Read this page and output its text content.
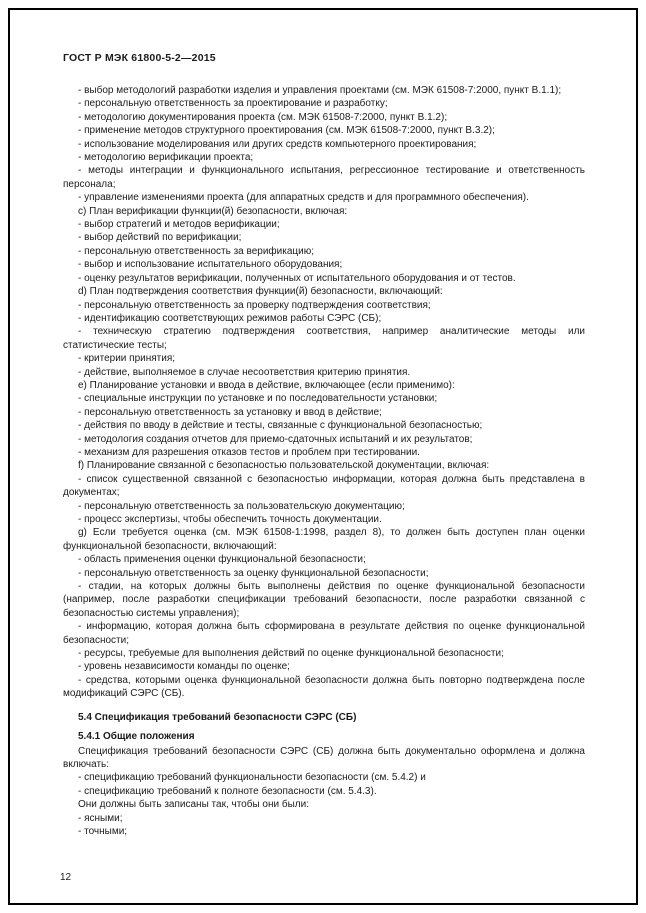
ГОСТ Р МЭК 61800-5-2—2015
- выбор методологий разработки изделия и управления проектами (см. МЭК 61508-7:2000, пункт В.1.1);
- персональную ответственность за проектирование и разработку;
- методологию документирования проекта (см. МЭК 61508-7:2000, пункт В.1.2);
- применение методов структурного проектирования (см. МЭК 61508-7:2000, пункт В.3.2);
- использование моделирования или других средств компьютерного проектирования;
- методологию верификации проекта;
- методы интеграции и функционального испытания, регрессионное тестирование и ответственность персонала;
- управление изменениями проекта (для аппаратных средств и для программного обеспечения).
c) План верификации функции(й) безопасности, включая:
- выбор стратегий и методов верификации;
- выбор действий по верификации;
- персональную ответственность за верификацию;
- выбор и использование испытательного оборудования;
- оценку результатов верификации, полученных от испытательного оборудования и от тестов.
d) План подтверждения соответствия функции(й) безопасности, включающий:
- персональную ответственность за проверку подтверждения соответствия;
- идентификацию соответствующих режимов работы СЭРС (СБ);
- техническую стратегию подтверждения соответствия, например аналитические методы или статистические тесты;
- критерии принятия;
- действие, выполняемое в случае несоответствия критерию принятия.
e) Планирование установки и ввода в действие, включающее (если применимо):
- специальные инструкции по установке и по последовательности установки;
- персональную ответственность за установку и ввод в действие;
- действия по вводу в действие и тесты, связанные с функциональной безопасностью;
- методология создания отчетов для приемо-сдаточных испытаний и их результатов;
- механизм для разрешения отказов тестов и проблем при тестировании.
f) Планирование связанной с безопасностью пользовательской документации, включая:
- список существенной связанной с безопасностью информации, которая должна быть представлена в документах;
- персональную ответственность за пользовательскую документацию;
- процесс экспертизы, чтобы обеспечить точность документации.
g) Если требуется оценка (см. МЭК 61508-1:1998, раздел 8), то должен быть доступен план оценки функциональной безопасности, включающий:
- область применения оценки функциональной безопасности;
- персональную ответственность за оценку функциональной безопасности;
- стадии, на которых должны быть выполнены действия по оценке функциональной безопасности (например, после разработки спецификации требований безопасности, после разработки связанной с безопасностью системы управления);
- информацию, которая должна быть сформирована в результате действия по оценке функциональной безопасности;
- ресурсы, требуемые для выполнения действий по оценке функциональной безопасности;
- уровень независимости команды по оценке;
- средства, которыми оценка функциональной безопасности должна быть повторно подтверждена после модификаций СЭРС (СБ).
5.4 Спецификация требований безопасности СЭРС (СБ)
5.4.1 Общие положения
Спецификация требований безопасности СЭРС (СБ) должна быть документально оформлена и должна включать:
- спецификацию требований функциональности безопасности (см. 5.4.2) и
- спецификацию требований к полноте безопасности (см. 5.4.3).
Они должны быть записаны так, чтобы они были:
- ясными;
- точными;
12
